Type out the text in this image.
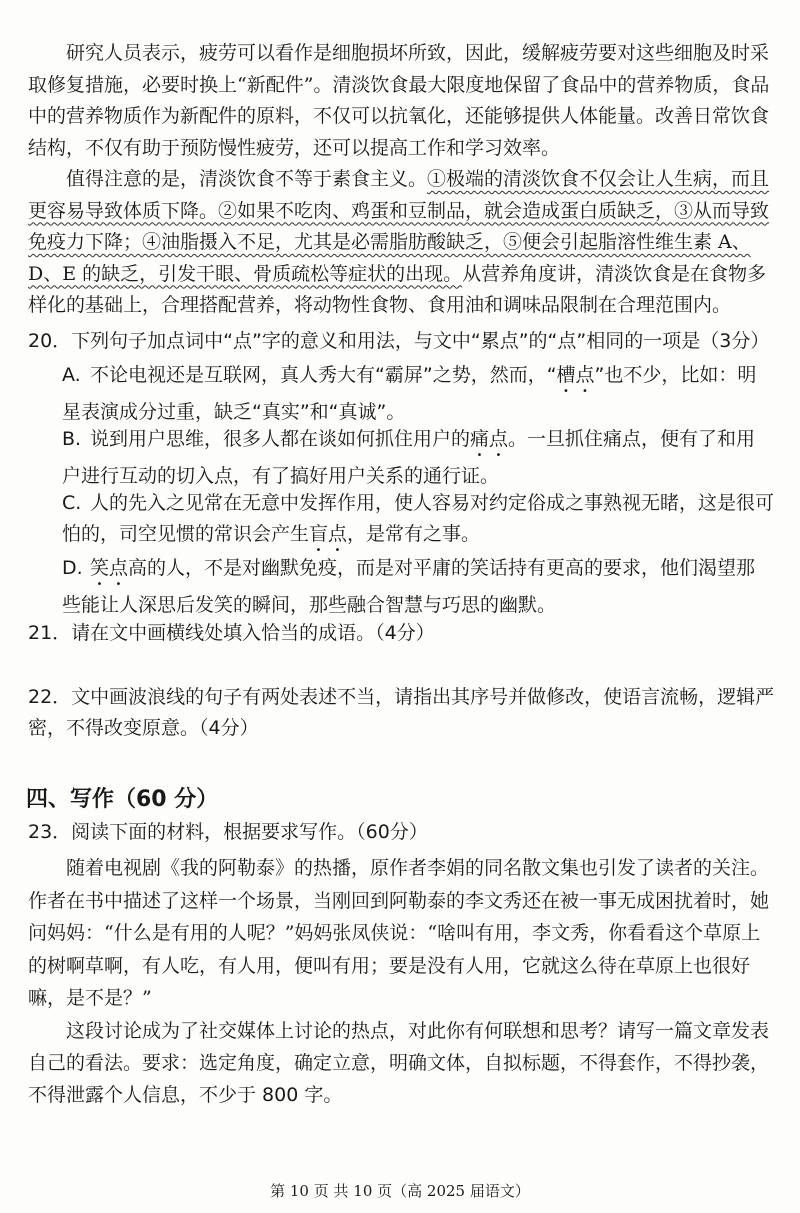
研究人员表示，疲劳可以看作是细胞损坏所致，因此，缓解疲劳要对这些细胞及时采取修复措施，必要时换上“新配件”。清淡饮食最大限度地保留了食品中的营养物质，食品中的营养物质作为新配件的原料，不仅可以抗氧化，还能够提供人体能量。改善日常饮食结构，不仅有助于预防慢性疲劳，还可以提高工作和学习效率。
值得注意的是，清淡饮食不等于素食主义。①极端的清淡饮食不仅会让人生病，而且更容易导致体质下降。②如果不吃肉、鸡蛋和豆制品，就会造成蛋白质缺乏，③从而导致免疫力下降；④油脂摄入不足，尤其是必需脂肪酸缺乏，⑤便会引起脂溶性维生素 A、D、E 的缺乏，引发干眼、骨质疏松等症状的出现。从营养角度讲，清淡饮食是在食物多样化的基础上，合理搭配营养，将动物性食物、食用油和调味品限制在合理范围内。
20．下列句子加点词中“点”字的意义和用法，与文中“累点”的“点”相同的一项是（3分）
A. 不论电视还是互联网，真人秀大有“霸屏”之势，然而，“槽点”也不少，比如：明星表演成分过重，缺乏“真实”和“真诚”。
B. 说到用户思维，很多人都在谈如何抓住用户的痛点。一旦抓住痛点，便有了和用户进行互动的切入点，有了搞好用户关系的通行证。
C. 人的先入之见常在无意中发挥作用，使人容易对约定俗成之事熟视无睹，这是很可怕的，司空见惯的常识会产生盲点，是常有之事。
D. 笑点高的人，不是对幽默免疫，而是对平庸的笑话持有更高的要求，他们渴望那些能让人深思后发笑的瞬间，那些融合智慧与巧思的幽默。
21．请在文中画横线处填入恰当的成语。（4分）
22．文中画波浪线的句子有两处表述不当，请指出其序号并做修改，使语言流畅，逻辑严密，不得改变原意。（4分）
四、写作（60 分）
23．阅读下面的材料，根据要求写作。（60分）
随着电视剧《我的阿勒泰》的热播，原作者李娟的同名散文集也引发了读者的关注。作者在书中描述了这样一个场景，当刚回到阿勒泰的李文秀还在被一事无成困扰着时，她问妈妈：“什么是有用的人呢？”妈妈张凤侠说：“啥叫有用，李文秀，你看看这个草原上的树啊草啊，有人吃，有人用，便叫有用；要是没有人用，它就这么待在草原上也很好嘛，是不是？”
这段讨论成为了社交媒体上讨论的热点，对此你有何联想和思考？请写一篇文章发表自己的看法。要求：选定角度，确定立意，明确文体，自拟标题，不得套作，不得抄袭，不得泄露个人信息，不少于 800 字。
第 10 页 共 10 页（高 2025 届语文）
